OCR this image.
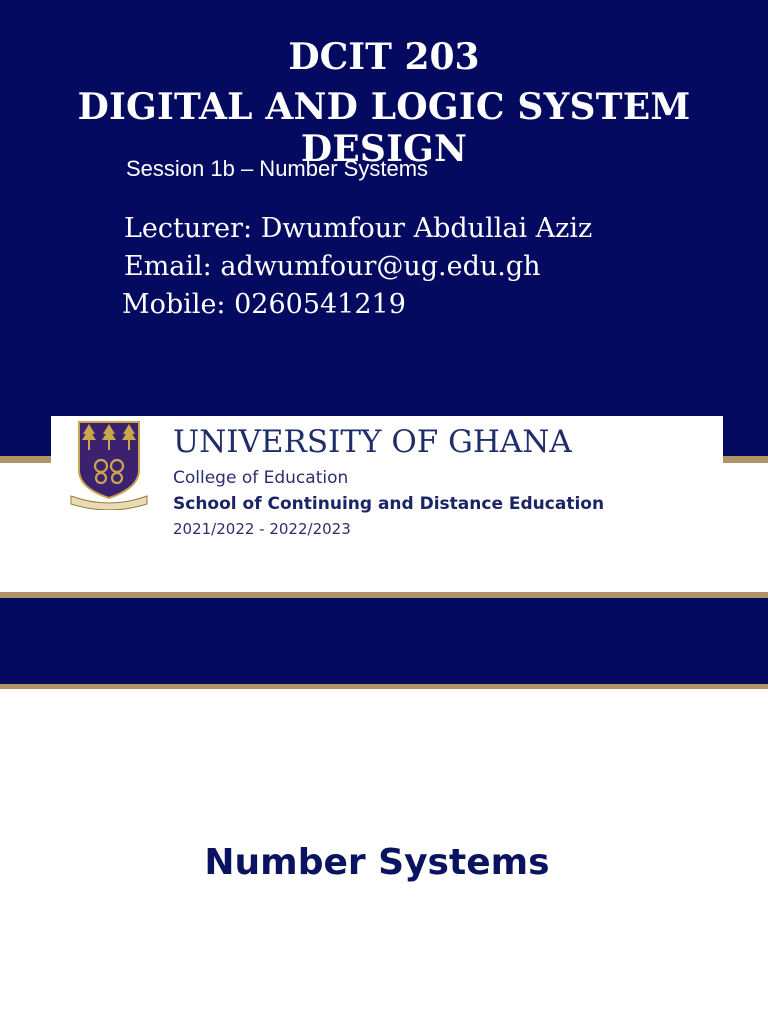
DCIT 203
DIGITAL AND LOGIC SYSTEM DESIGN
Session 1b – Number Systems
Lecturer: Dwumfour Abdullai Aziz
Email: adwumfour@ug.edu.gh
Mobile: 0260541219
UNIVERSITY OF GHANA
College of Education
School of Continuing and Distance Education
2021/2022 - 2022/2023
Number Systems
